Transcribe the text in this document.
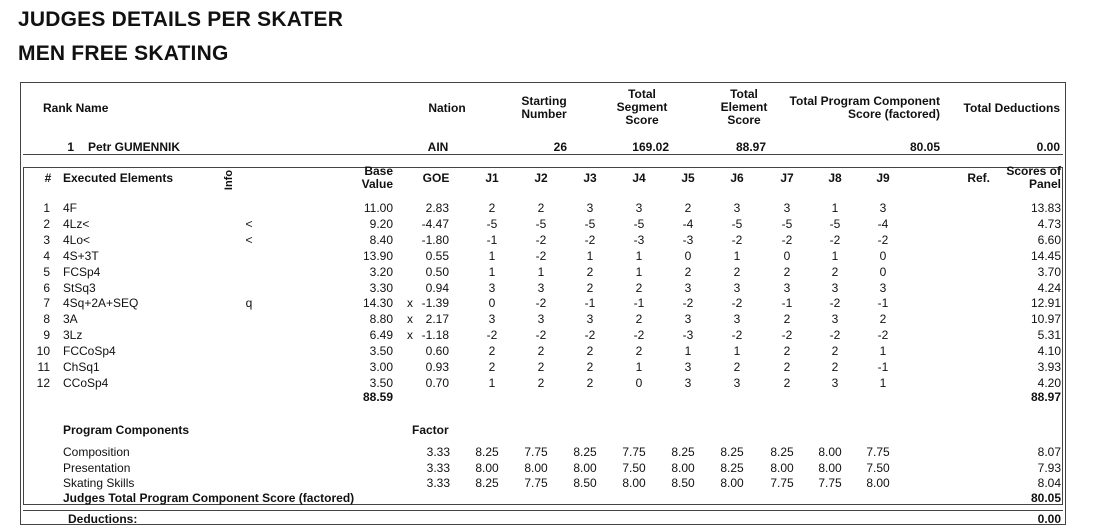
JUDGES DETAILS PER SKATER
MEN FREE SKATING
Info
Rank Name	Nation	Starting Number
Total Segment Score
Total Element Score
Total Program Component Score (factored)	Total Deductions
1 Petr GUMENNIK	AIN	26	169.02	88.97	80.05	0.00
# Executed Elements	Base Value	GOE	J1	J2	J3	J4	J5	J6	J7	J8	J9	Ref.	Scores of Panel
1 4F	11.00	2.83	2	2	3	3	2	3	3	1	3	13.83
2 4Lz<	<	9.20	-4.47	-5	-5	-5	-5	-4	-5	-5	-5	-4	4.73
3 4Lo<	<	8.40	-1.80	-1	-2	-2	-3	-3	-2	-2	-2	-2	6.60
4 4S+3T	13.90	0.55	1	-2	1	1	0	1	0	1	0	14.45
5 FCSp4	3.20	0.50	1	1	2	1	2	2	2	2	0	3.70
6 StSq3	3.30	0.94	3	3	2	2	3	3	3	3	3	4.24
7 4Sq+2A+SEQ	q	14.30 x -1.39	0	-2	-1	-1	-2	-2	-1	-2	-1	12.91
8 3A	8.80 x	2.17	3	3	3	2	3	3	2	3	2	10.97
9 3Lz	6.49 x -1.18	-2	-2	-2	-2	-3	-2	-2	-2	-2	5.31
10 FCCoSp4	3.50	0.60	2	2	2	2	1	1	2	2	1	4.10
11 ChSq1	3.00	0.93	2	2	2	1	3	2	2	2	-1	3.93
12 CCoSp4	3.50	0.70	1	2	2	0	3	3	2	3	1	4.20
88.59	88.97
Program Components	Factor
Composition	3.33	8.25	7.75	8.25	7.75	8.25	8.25	8.25	8.00	7.75	8.07
Presentation	3.33	8.00	8.00	8.00	7.50	8.00	8.25	8.00	8.00	7.50	7.93
Skating Skills	3.33	8.25	7.75	8.50	8.00	8.50	8.00	7.75	7.75	8.00	8.04
Judges Total Program Component Score (factored)	80.05
Deductions:	0.00
